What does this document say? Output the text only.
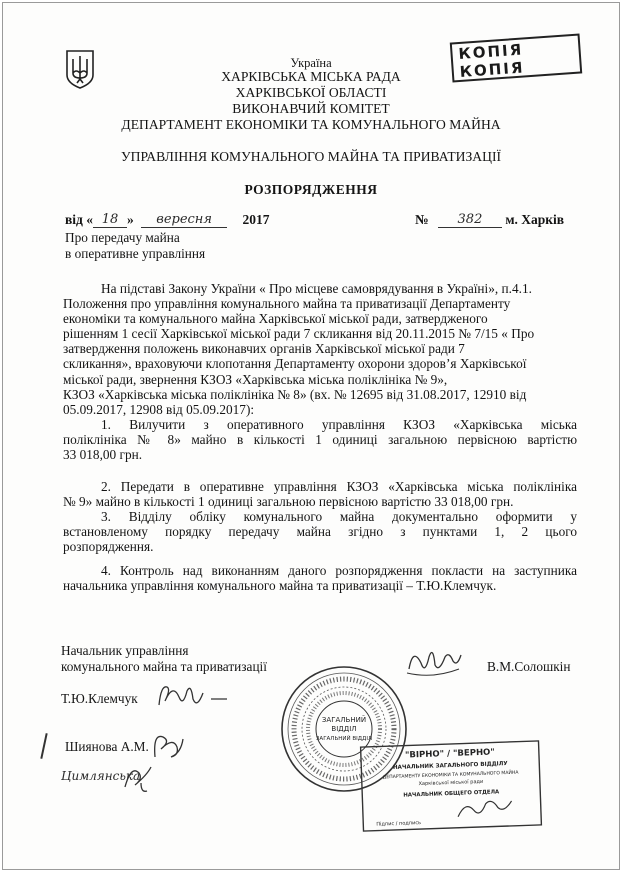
Україна
ХАРКІВСЬКА МІСЬКА РАДА
ХАРКІВСЬКОЇ ОБЛАСТІ
ВИКОНАВЧИЙ КОМІТЕТ
ДЕПАРТАМЕНТ ЕКОНОМІКИ ТА КОМУНАЛЬНОГО МАЙНА
УПРАВЛІННЯ КОМУНАЛЬНОГО МАЙНА ТА ПРИВАТИЗАЦІЇ
РОЗПОРЯДЖЕННЯ
КОПІЯ
КОПІЯ
від « 18 » вересня 2017	№ 382 м. Харків
Про передачу майна
в оперативне управління
На підставі Закону України « Про місцеве самоврядування в Україні», п.4.1.
Положення про управління комунального майна та приватизації Департаменту
економіки та комунального майна Харківської міської ради, затвердженого
рішенням 1 сесії Харківської міської ради 7 скликання від 20.11.2015 № 7/15 « Про
затвердження положень виконавчих органів Харківської міської ради 7
скликання», враховуючи клопотання Департаменту охорони здоров’я Харківської
міської ради, звернення КЗОЗ «Харківська міська поліклініка № 9»,
КЗОЗ «Харківська міська поліклініка № 8» (вх. № 12695 від 31.08.2017, 12910 від
05.09.2017, 12908 від 05.09.2017):
1. Вилучити з оперативного управління КЗОЗ «Харківська міська
поліклініка № 8» майно в кількості 1 одиниці загальною первісною вартістю
33 018,00 грн.
2. Передати в оперативне управління КЗОЗ «Харківська міська поліклініка
№ 9» майно в кількості 1 одиниці загальною первісною вартістю 33 018,00 грн.
3. Відділу обліку комунального майна документально оформити у
встановленому порядку передачу майна згідно з пунктами 1, 2 цього
розпорядження.
4. Контроль над виконанням даного розпорядження покласти на заступника
начальника управління комунального майна та приватизації – Т.Ю.Клемчук.
Начальник управління
комунального майна та приватизації	В.М.Солошкін
Т.Ю.Клемчук
Шиянова А.М.
Цимлянська
ЗАГАЛЬНИЙ
ВІДДІЛ
ЗАГАЛЬНИЙ ВІДДІЛ
"ВІРНО" / "ВЕРНО"
НАЧАЛЬНИК ЗАГАЛЬНОГО ВІДДІЛУ
ДЕПАРТАМЕНТУ ЕКОНОМІКИ ТА КОМУНАЛЬНОГО МАЙНА
Харківської міської ради
НАЧАЛЬНИК ОБЩЕГО ОТДЕЛА
Підпис / подпись
